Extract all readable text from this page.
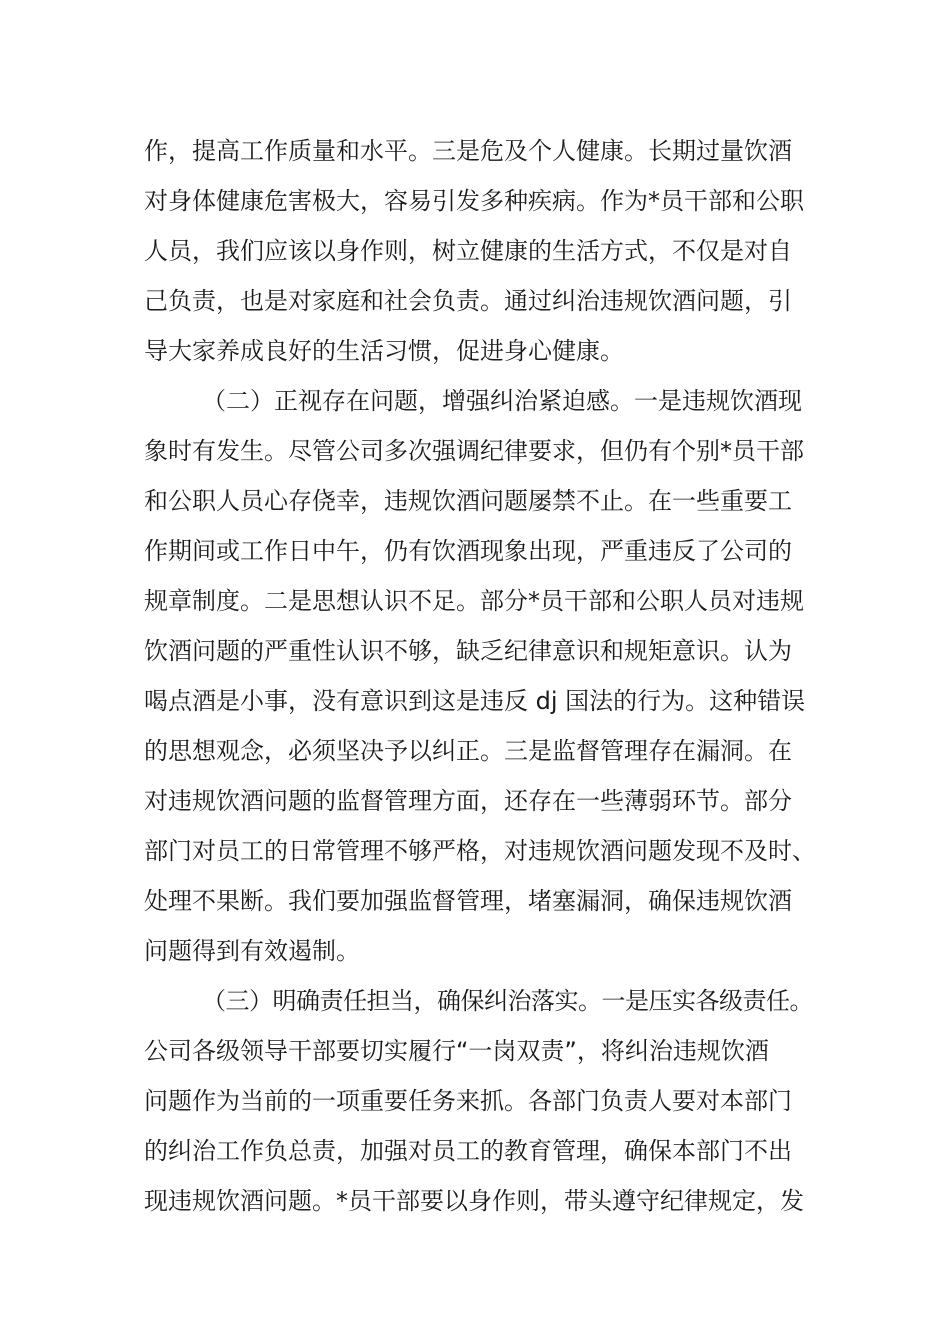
作，提高工作质量和水平。三是危及个人健康。长期过量饮酒
对身体健康危害极大，容易引发多种疾病。作为*员干部和公职
人员，我们应该以身作则，树立健康的生活方式，不仅是对自
己负责，也是对家庭和社会负责。通过纠治违规饮酒问题，引
导大家养成良好的生活习惯，促进身心健康。
（二）正视存在问题，增强纠治紧迫感。一是违规饮酒现
象时有发生。尽管公司多次强调纪律要求，但仍有个别*员干部
和公职人员心存侥幸，违规饮酒问题屡禁不止。在一些重要工
作期间或工作日中午，仍有饮酒现象出现，严重违反了公司的
规章制度。二是思想认识不足。部分*员干部和公职人员对违规
饮酒问题的严重性认识不够，缺乏纪律意识和规矩意识。认为
喝点酒是小事，没有意识到这是违反 dj 国法的行为。这种错误
的思想观念，必须坚决予以纠正。三是监督管理存在漏洞。在
对违规饮酒问题的监督管理方面，还存在一些薄弱环节。部分
部门对员工的日常管理不够严格，对违规饮酒问题发现不及时、
处理不果断。我们要加强监督管理，堵塞漏洞，确保违规饮酒
问题得到有效遏制。
（三）明确责任担当，确保纠治落实。一是压实各级责任。
公司各级领导干部要切实履行“一岗双责”，将纠治违规饮酒
问题作为当前的一项重要任务来抓。各部门负责人要对本部门
的纠治工作负总责，加强对员工的教育管理，确保本部门不出
现违规饮酒问题。*员干部要以身作则，带头遵守纪律规定，发
